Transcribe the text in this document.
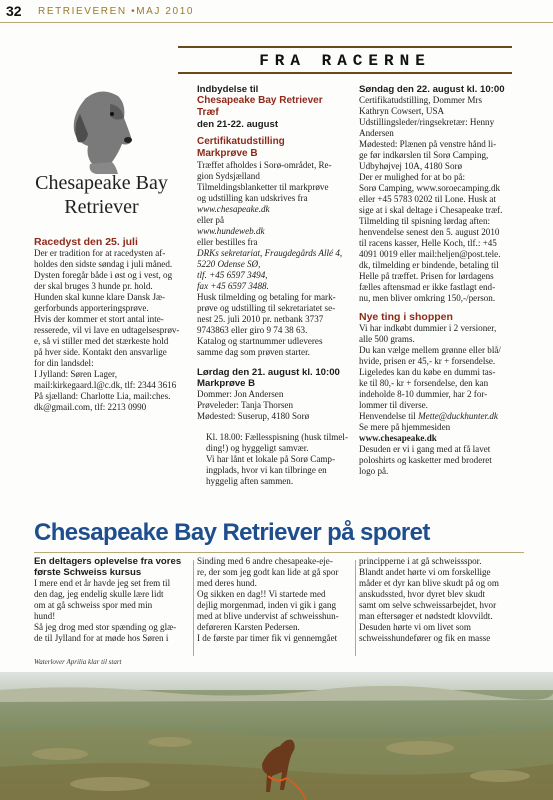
32 RETRIEVEREN •MAJ 2010
FRA RACERNE
Chesapeake Bay
Retriever

Racedyst den 25. juli

Der er tradition for at racedysten af-
holdes den sidste søndag i juli måned.
Dysten foregår både i øst og i vest, og
der skal bruges 3 hunde pr. hold.
Hunden skal kunne klare Dansk Jæ-
gerforbunds apporteringsprøve.
Hvis der kommer et stort antal inte-
resserede, vil vi lave en udtagelsesprøv-
e, så vi stiller med det stærkeste hold
på hver side. Kontakt den ansvarlige
for din landsdel:
I Jylland: Søren Lager,
mail:kirkegaard.l@c.dk, tlf: 2344 3616
På sjælland: Charlotte Lia, mail:ches.
dk@gmail.com, tlf: 2213 0990
Indbydelse til
Chesapeake Bay Retriever
Træf
den 21-22. august
Certifikatudstilling
Markprøve B
Træffet afholdes i Sorø-området, Re-
gion Sydsjælland
Tilmeldingsblanketter til markprøve
og udstilling kan udskrives fra

www.chesapeake.dk

eller på

www.hundeweb.dk

eller bestilles fra

DRKs sekretariat, Fraugdegårds Allé 4,
5220 Odense SØ,
tlf. +45 6597 3494,
fax +45 6597 3488.
Husk tilmelding og betaling for mark-
prøve og udstilling til sekretariatet se-
nest 25. juli 2010 pr. netbank 3737
9743863 eller giro 9 74 38 63.
Katalog og startnummer udleveres
samme dag som prøven starter.
Lørdag den 21. august kl. 10:00
Markprøve B
Dommer: Jon Andersen
Prøveleder: Tanja Thorsen
Mødested: Suserup, 4180 Sorø
Kl. 18.00: Fællesspisning (husk tilmel-
ding!) og hyggeligt samvær.
Vi har lånt et lokale på Sorø Camp-
ingplads, hvor vi kan tilbringe en
hyggelig aften sammen.
Søndag den 22. august kl. 10:00
Certifikatudstilling, Dommer Mrs
Kathryn Cowsert, USA
Udstillingsleder/ringsekretær: Henny
Andersen
Mødested: Plænen på venstre hånd li-
ge før indkørslen til Sorø Camping,
Udbyhøjvej 10A, 4180 Sorø
Der er mulighed for at bo på:
Sorø Camping, www.soroecamping.dk
eller +45 5783 0202 til Lone. Husk at
sige at i skal deltage i Chesapeake træf.
Tilmelding til spisning lørdag aften:
henvendelse senest den 5. august 2010
til racens kasser, Helle Koch, tlf.: +45
4091 0019 eller mail:heljen@post.tele.
dk, tilmelding er bindende, betaling til
Helle på træffet. Prisen for lørdagens
fælles aftensmad er ikke fastlagt end-
nu, men bliver omkring 150,-/person.

Nye ting i shoppen

Vi har indkøbt dummier i 2 versioner,
alle 500 grams.
Du kan vælge mellem grønne eller blå/
hvide, prisen er 45,- kr + forsendelse.
Ligeledes kan du købe en dummi tas-
ke til 80,- kr + forsendelse, den kan
indeholde 8-10 dummier, har 2 for-
lommer til diverse.

Henvendelse til Mette@duckhunter.dk

Se mere på hjemmesiden

www.chesapeake.dk

Desuden er vi i gang med at få lavet
poloshirts og kasketter med broderet
logo på.
Chesapeake Bay Retriever på sporet
En deltagers oplevelse fra vores
første Schweiss kursus
I mere end et år havde jeg set frem til
den dag, jeg endelig skulle lære lidt
om at gå schweiss spor med min
hund!
Så jeg drog med stor spænding og glæ-
de til Jylland for at møde hos Søren i
Sinding med 6 andre chesapeake-eje-
re, der som jeg godt kan lide at gå spor
med deres hund.
Og sikken en dag!! Vi startede med
dejlig morgenmad, inden vi gik i gang
med at blive undervist af schweisshun-
deføreren Karsten Pedersen.
I de første par timer fik vi gennemgået
principperne i at gå schweissspor.
Blandt andet hørte vi om forskellige
måder et dyr kan blive skudt på og om
anskudssted, hvor dyret blev skudt
samt om selve schweissarbejdet, hvor
man eftersøger et nødstedt klovvildt.
Desuden hørte vi om livet som
schweisshundefører og fik en masse
Waterlover Aprilia klar til start
